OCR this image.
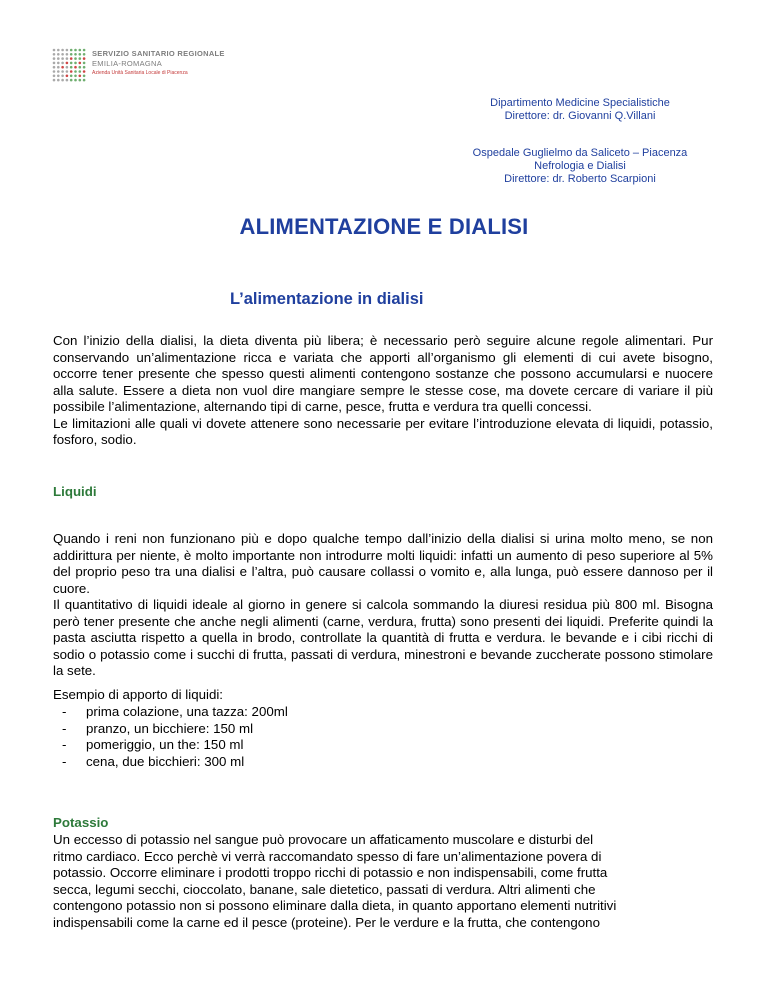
SERVIZIO SANITARIO REGIONALE
EMILIA-ROMAGNA
Azienda Unità Sanitaria Locale di Piacenza
Dipartimento Medicine Specialistiche
Direttore: dr. Giovanni Q.Villani
Ospedale Guglielmo da Saliceto – Piacenza
Nefrologia e Dialisi
Direttore: dr. Roberto Scarpioni
ALIMENTAZIONE E DIALISI
L’alimentazione in dialisi
Con l’inizio della dialisi, la dieta diventa più libera; è necessario però seguire alcune regole alimentari. Pur conservando un’alimentazione ricca e variata che apporti all’organismo gli elementi di cui avete bisogno, occorre tener presente che spesso questi alimenti contengono sostanze che possono accumularsi e nuocere alla salute. Essere a dieta non vuol dire mangiare sempre le stesse cose, ma dovete cercare di variare il più possibile l’alimentazione, alternando tipi di carne, pesce, frutta e verdura tra quelli concessi.
Le limitazioni alle quali vi dovete attenere sono necessarie per evitare l’introduzione elevata di liquidi, potassio, fosforo, sodio.
Liquidi
Quando i reni non funzionano più e dopo qualche tempo dall’inizio della dialisi si urina molto meno, se non addirittura per niente, è molto importante non introdurre molti liquidi: infatti un aumento di peso superiore al 5% del proprio peso tra una dialisi e l’altra, può causare collassi o vomito e, alla lunga, può essere dannoso per il cuore.
Il quantitativo di liquidi ideale al giorno in genere si calcola sommando la diuresi residua più 800 ml. Bisogna però tener presente che anche negli alimenti (carne, verdura, frutta) sono presenti dei liquidi. Preferite quindi la pasta asciutta rispetto a quella in brodo, controllate la quantità di frutta e verdura. le bevande e i cibi ricchi di sodio o potassio come i succhi di frutta, passati di verdura, minestroni e bevande zuccherate possono stimolare la sete.
Esempio di apporto di liquidi:
- prima colazione, una tazza: 200ml
- pranzo, un bicchiere: 150 ml
- pomeriggio, un the: 150 ml
- cena, due bicchieri: 300 ml
Potassio
Un eccesso di potassio nel sangue può provocare un affaticamento muscolare e disturbi del
ritmo cardiaco. Ecco perchè vi verrà raccomandato spesso di fare un’alimentazione povera di
potassio. Occorre eliminare i prodotti troppo ricchi di potassio e non indispensabili, come frutta
secca, legumi secchi, cioccolato, banane, sale dietetico, passati di verdura. Altri alimenti che
contengono potassio non si possono eliminare dalla dieta, in quanto apportano elementi nutritivi
indispensabili come la carne ed il pesce (proteine). Per le verdure e la frutta, che contengono
